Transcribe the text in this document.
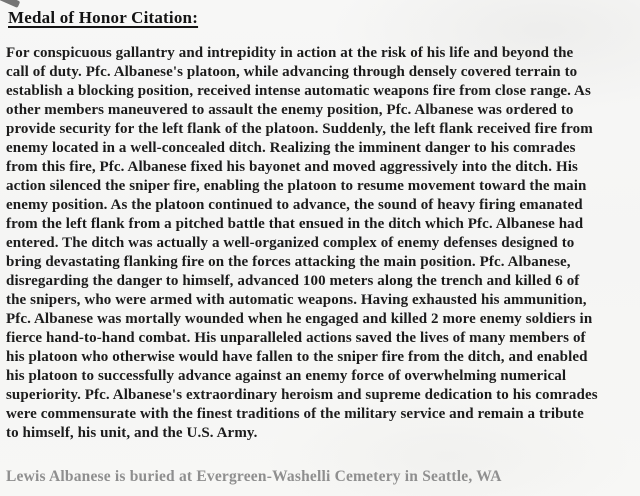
Medal of Honor Citation:
For conspicuous gallantry and intrepidity in action at the risk of his life and beyond the
call of duty. Pfc. Albanese's platoon, while advancing through densely covered terrain to
establish a blocking position, received intense automatic weapons fire from close range. As
other members maneuvered to assault the enemy position, Pfc. Albanese was ordered to
provide security for the left flank of the platoon. Suddenly, the left flank received fire from
enemy located in a well-concealed ditch. Realizing the imminent danger to his comrades
from this fire, Pfc. Albanese fixed his bayonet and moved aggressively into the ditch. His
action silenced the sniper fire, enabling the platoon to resume movement toward the main
enemy position. As the platoon continued to advance, the sound of heavy firing emanated
from the left flank from a pitched battle that ensued in the ditch which Pfc. Albanese had
entered. The ditch was actually a well-organized complex of enemy defenses designed to
bring devastating flanking fire on the forces attacking the main position. Pfc. Albanese,
disregarding the danger to himself, advanced 100 meters along the trench and killed 6 of
the snipers, who were armed with automatic weapons. Having exhausted his ammunition,
Pfc. Albanese was mortally wounded when he engaged and killed 2 more enemy soldiers in
fierce hand-to-hand combat. His unparalleled actions saved the lives of many members of
his platoon who otherwise would have fallen to the sniper fire from the ditch, and enabled
his platoon to successfully advance against an enemy force of overwhelming numerical
superiority. Pfc. Albanese's extraordinary heroism and supreme dedication to his comrades
were commensurate with the finest traditions of the military service and remain a tribute
to himself, his unit, and the U.S. Army.
Lewis Albanese is buried at Evergreen-Washelli Cemetery in Seattle, WA
